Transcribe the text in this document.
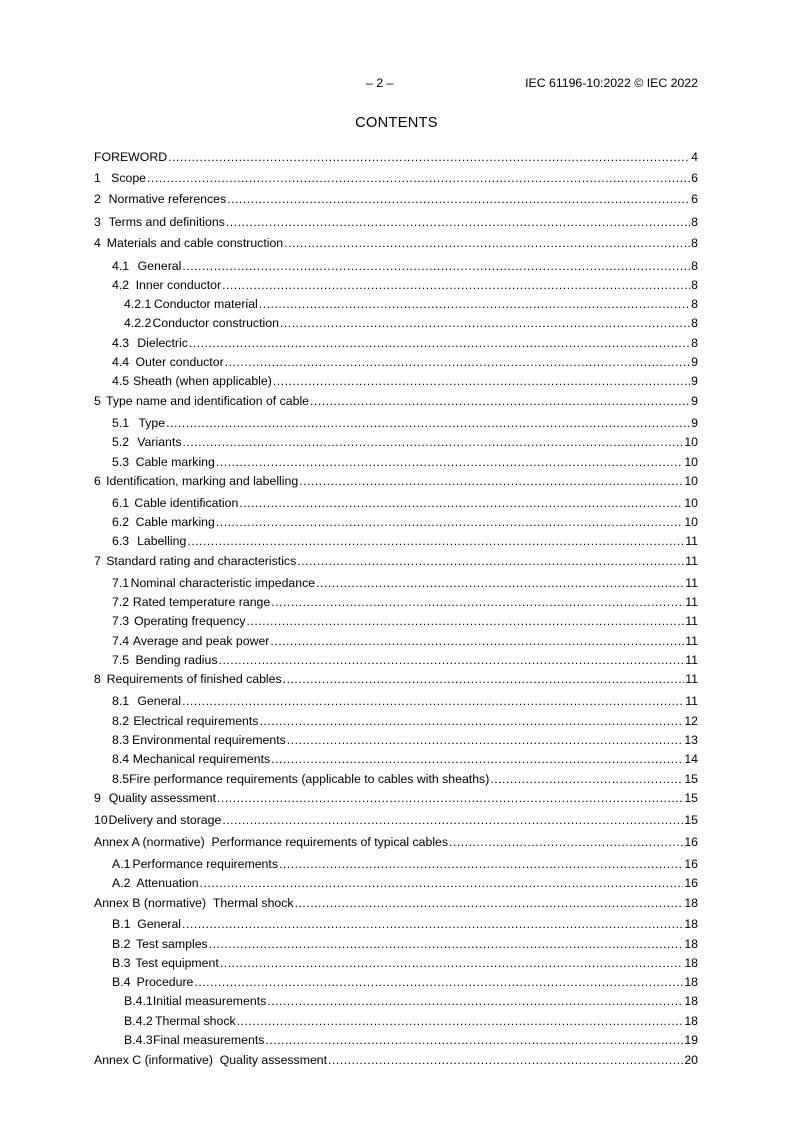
– 2 –	IEC 61196-10:2022 © IEC 2022
CONTENTS
FOREWORD .....	4
1 Scope .....	6
2 Normative references .....	6
3 Terms and definitions .....	8
4 Materials and cable construction .....	8
4.1 General .....	8
4.2 Inner conductor .....	8
4.2.1 Conductor material .....	8
4.2.2 Conductor construction .....	8
4.3 Dielectric .....	8
4.4 Outer conductor .....	9
4.5 Sheath (when applicable) .....	9
5 Type name and identification of cable .....	9
5.1 Type .....	9
5.2 Variants .....	10
5.3 Cable marking .....	10
6 Identification, marking and labelling .....	10
6.1 Cable identification .....	10
6.2 Cable marking .....	10
6.3 Labelling .....	11
7 Standard rating and characteristics .....	11
7.1 Nominal characteristic impedance .....	11
7.2 Rated temperature range .....	11
7.3 Operating frequency .....	11
7.4 Average and peak power .....	11
7.5 Bending radius .....	11
8 Requirements of finished cables .....	11
8.1 General .....	11
8.2 Electrical requirements .....	12
8.3 Environmental requirements .....	13
8.4 Mechanical requirements .....	14
8.5 Fire performance requirements (applicable to cables with sheaths) .....	15
9 Quality assessment .....	15
10 Delivery and storage .....	15
Annex A (normative)  Performance requirements of typical cables .....	16
A.1 Performance requirements .....	16
A.2 Attenuation .....	16
Annex B (normative)  Thermal shock .....	18
B.1 General .....	18
B.2 Test samples .....	18
B.3 Test equipment .....	18
B.4 Procedure .....	18
B.4.1 Initial measurements .....	18
B.4.2 Thermal shock .....	18
B.4.3 Final measurements .....	19
Annex C (informative)  Quality assessment .....	20
